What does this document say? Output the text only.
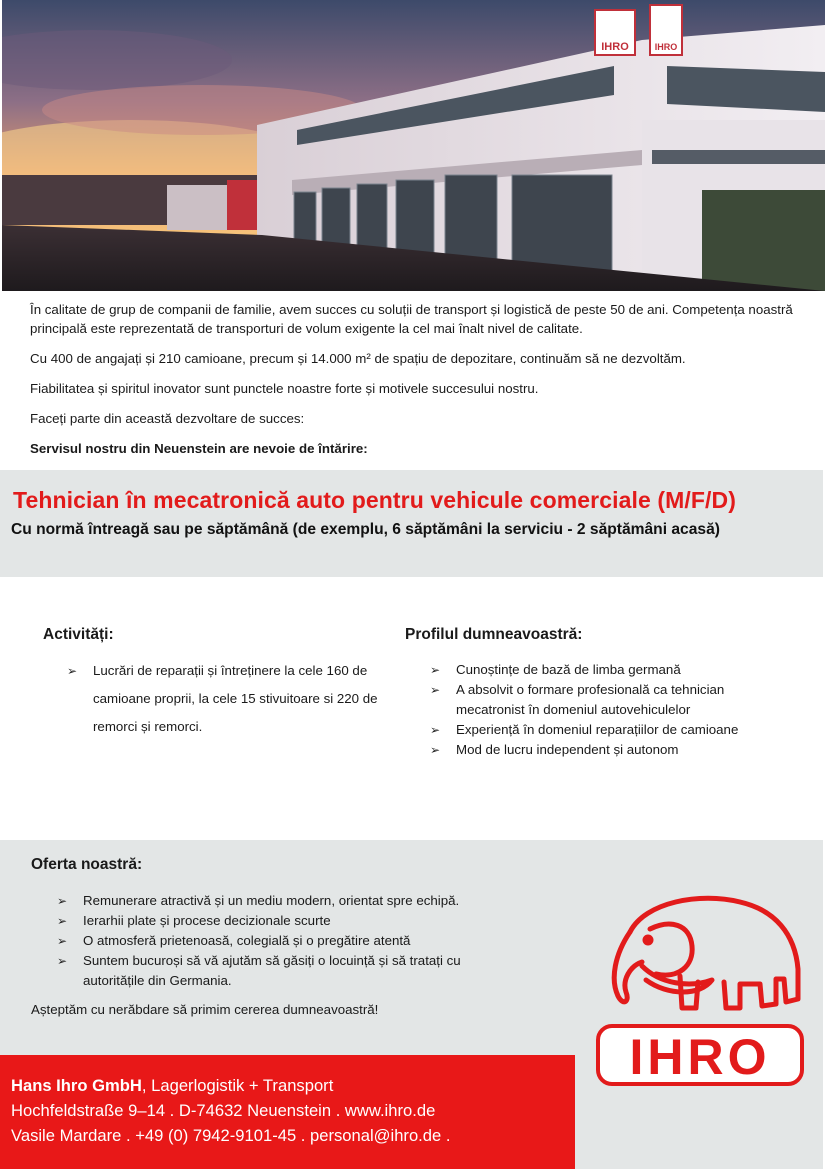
IHRO	IHRO

În calitate de grup de companii de familie, avem succes cu soluții de transport și logistică de peste 50 de ani. Competența noastră principală este reprezentată de transporturi de volum exigente la cel mai înalt nivel de calitate.

Cu 400 de angajați și 210 camioane, precum și 14.000 m² de spațiu de depozitare, continuăm să ne dezvoltăm.

Fiabilitatea și spiritul inovator sunt punctele noastre forte și motivele succesului nostru.

Faceți parte din această dezvoltare de succes:

Servisul nostru din Neuenstein are nevoie de întărire:

Tehnician în mecatronică auto pentru vehicule comerciale (M/F/D)
Cu normă întreagă sau pe săptămână (de exemplu, 6 săptămâni la serviciu - 2 săptămâni acasă)
Activități:
➢ Lucrări de reparații și întreținere la cele 160 de camioane proprii, la cele 15 stivuitoare si 220 de remorci și remorci.
Profilul dumneavoastră:
➢ Cunoștințe de bază de limba germană
➢ A absolvit o formare profesională ca tehnician mecatronist în domeniul autovehiculelor
➢ Experiență în domeniul reparațiilor de camioane
➢ Mod de lucru independent și autonom
Oferta noastră:
➢ Remunerare atractivă și un mediu modern, orientat spre echipă.
➢ Ierarhii plate și procese decizionale scurte
➢ O atmosferă prietenoasă, colegială și o pregătire atentă
➢ Suntem bucuroși să vă ajutăm să găsiți o locuință și să tratați cu autoritățile din Germania.

Așteptăm cu nerăbdare să primim cererea dumneavoastră!

IHRO
Hans Ihro GmbH, Lagerlogistik + Transport
Hochfeldstraße 9–14 . D-74632 Neuenstein . www.ihro.de
Vasile Mardare . +49 (0) 7942-9101-45 . personal@ihro.de .
